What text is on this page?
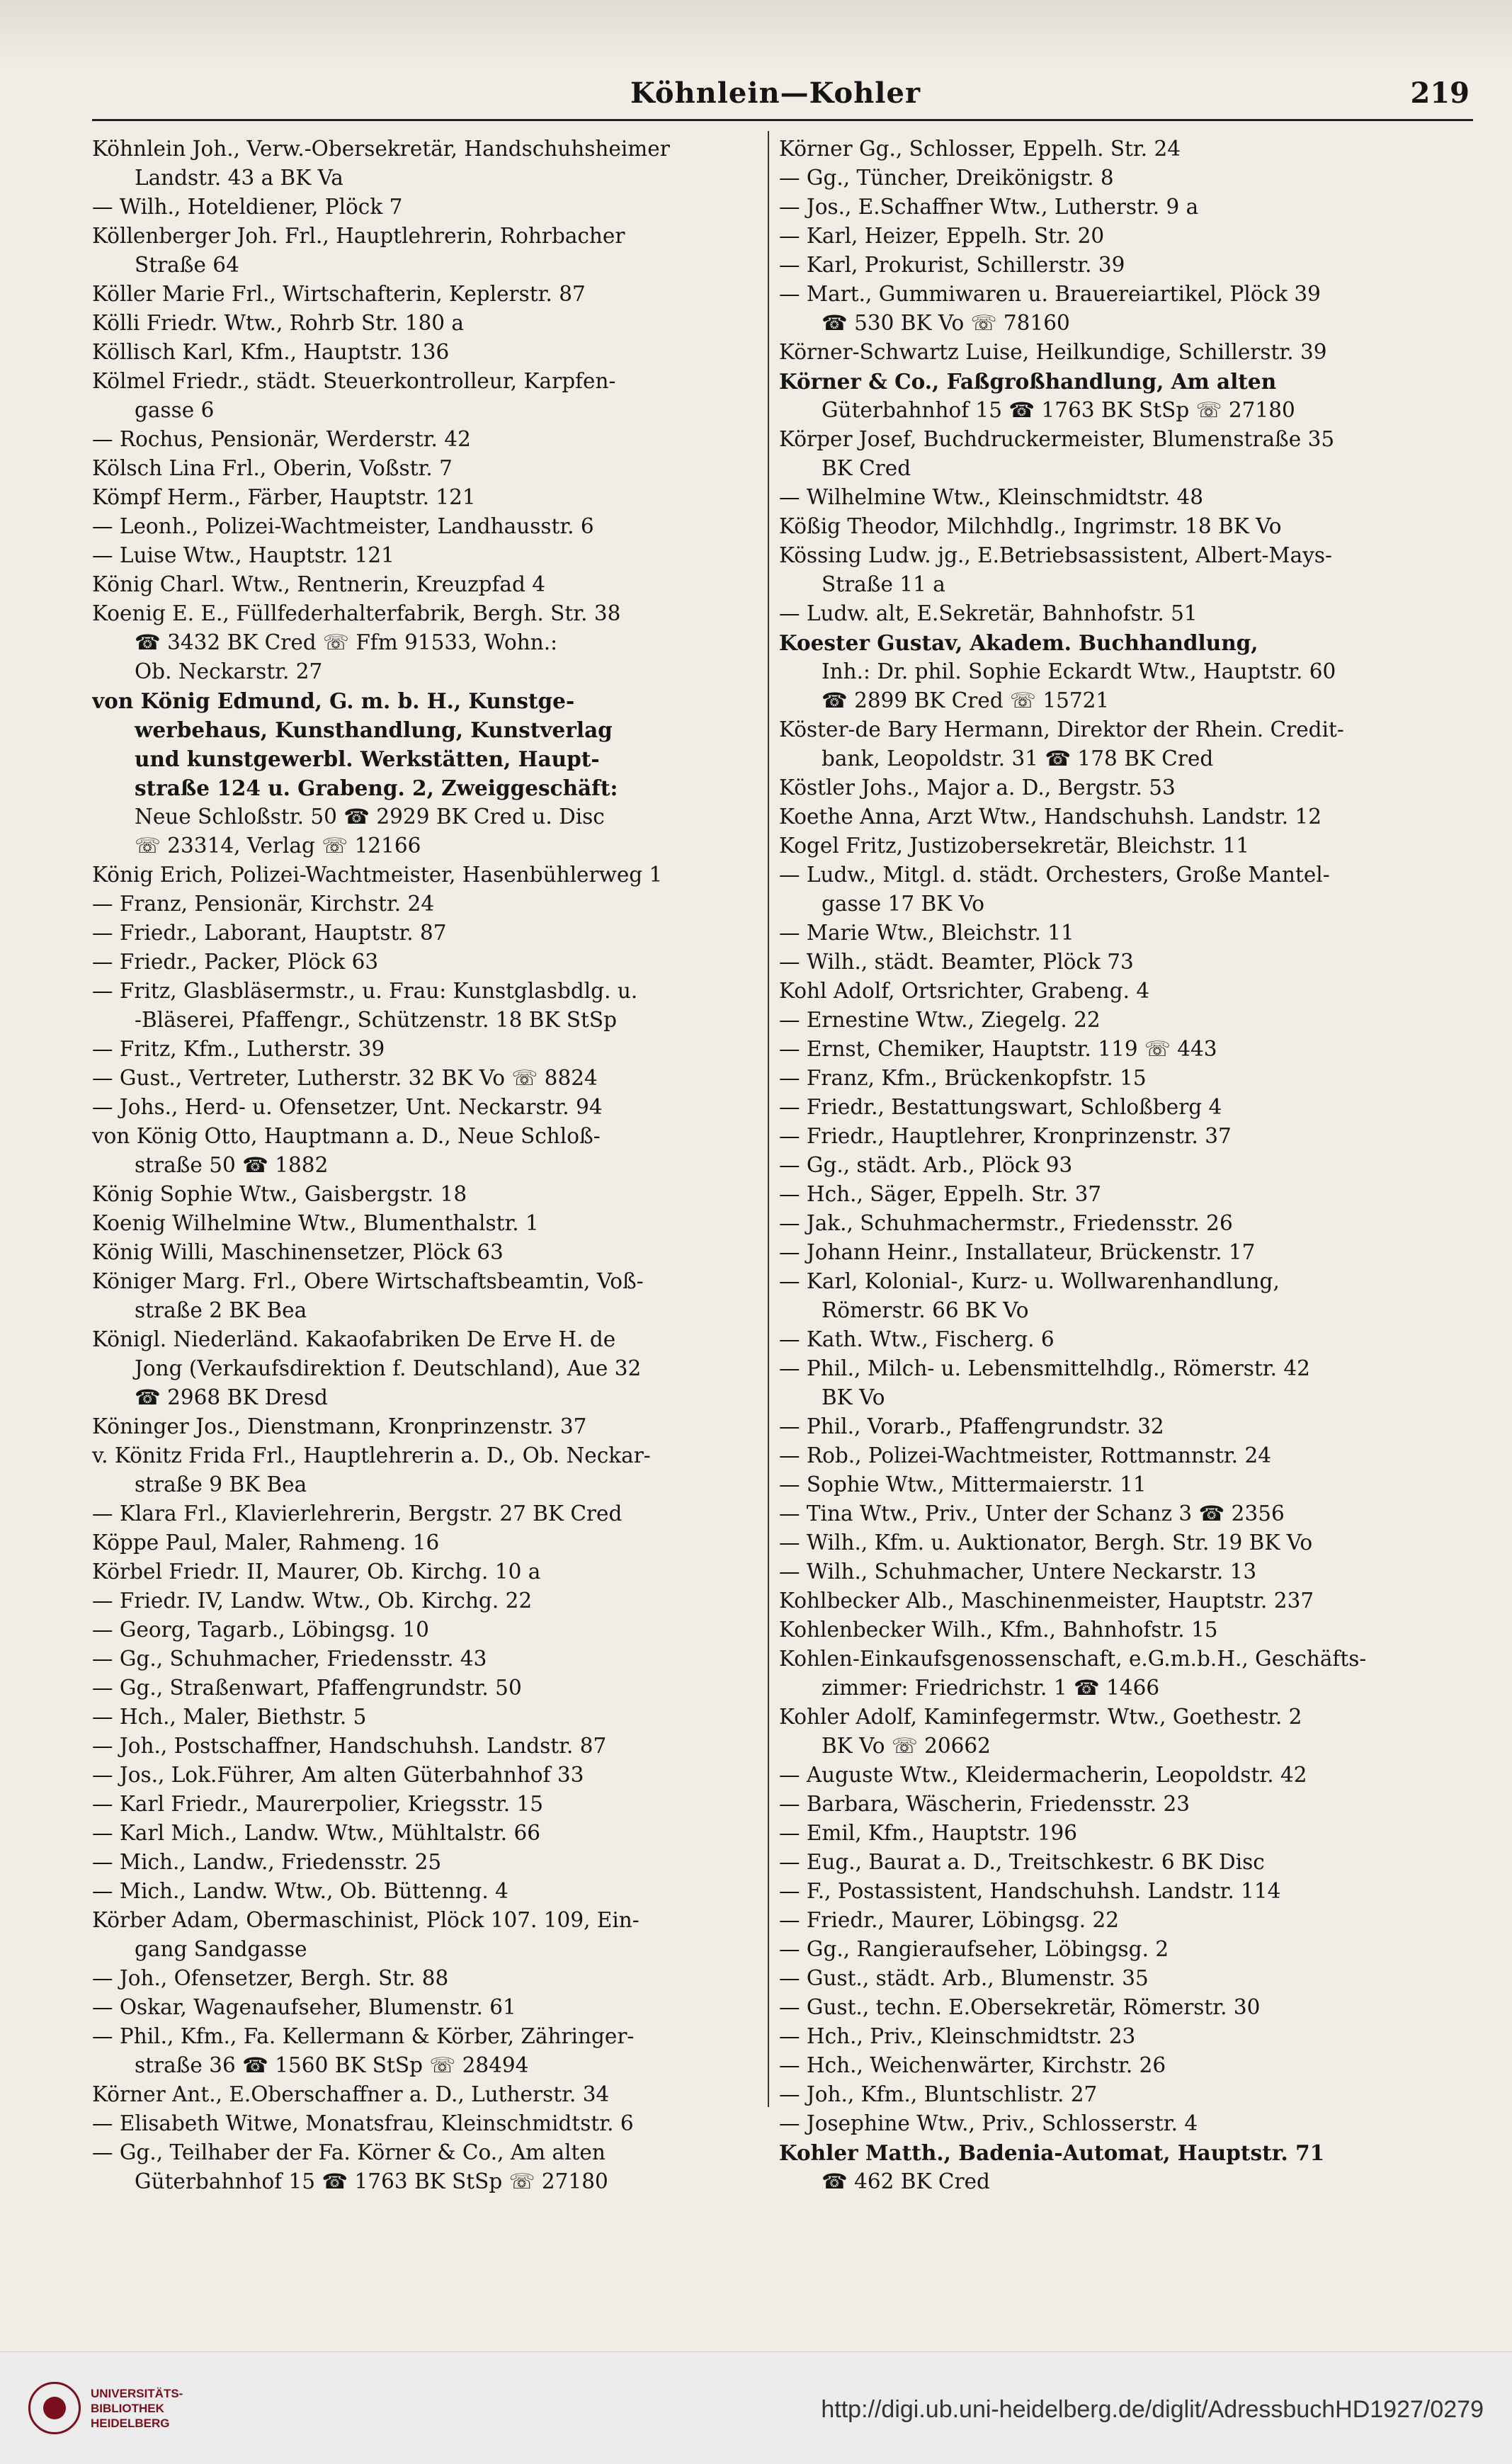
Köhnlein—Kohler	219
Köhnlein Joh., Verw.-Obersekretär, Handschuhsheimer
Landstr. 43 a BK Va
— Wilh., Hoteldiener, Plöck 7
Köllenberger Joh. Frl., Hauptlehrerin, Rohrbacher
Straße 64
Köller Marie Frl., Wirtschafterin, Keplerstr. 87
Kölli Friedr. Wtw., Rohrb Str. 180 a
Köllisch Karl, Kfm., Hauptstr. 136
Kölmel Friedr., städt. Steuerkontrolleur, Karpfen-
gasse 6
— Rochus, Pensionär, Werderstr. 42
Kölsch Lina Frl., Oberin, Voßstr. 7
Kömpf Herm., Färber, Hauptstr. 121
— Leonh., Polizei-Wachtmeister, Landhausstr. 6
— Luise Wtw., Hauptstr. 121
König Charl. Wtw., Rentnerin, Kreuzpfad 4
Koenig E. E., Füllfederhalterfabrik, Bergh. Str. 38
☎ 3432 BK Cred ☏ Ffm 91533, Wohn.:
Ob. Neckarstr. 27
von König Edmund, G. m. b. H., Kunstge-
werbehaus, Kunsthandlung, Kunstverlag
und kunstgewerbl. Werkstätten, Haupt-
straße 124 u. Grabeng. 2, Zweiggeschäft:
Neue Schloßstr. 50 ☎ 2929 BK Cred u. Disc
☏ 23314, Verlag ☏ 12166
König Erich, Polizei-Wachtmeister, Hasenbühlerweg 1
— Franz, Pensionär, Kirchstr. 24
— Friedr., Laborant, Hauptstr. 87
— Friedr., Packer, Plöck 63
— Fritz, Glasbläsermstr., u. Frau: Kunstglasbdlg. u.
-Bläserei, Pfaffengr., Schützenstr. 18 BK StSp
— Fritz, Kfm., Lutherstr. 39
— Gust., Vertreter, Lutherstr. 32 BK Vo ☏ 8824
— Johs., Herd- u. Ofensetzer, Unt. Neckarstr. 94
von König Otto, Hauptmann a. D., Neue Schloß-
straße 50 ☎ 1882
König Sophie Wtw., Gaisbergstr. 18
Koenig Wilhelmine Wtw., Blumenthalstr. 1
König Willi, Maschinensetzer, Plöck 63
Königer Marg. Frl., Obere Wirtschaftsbeamtin, Voß-
straße 2 BK Bea
Königl. Niederländ. Kakaofabriken De Erve H. de
Jong (Verkaufsdirektion f. Deutschland), Aue 32
☎ 2968 BK Dresd
Köninger Jos., Dienstmann, Kronprinzenstr. 37
v. Könitz Frida Frl., Hauptlehrerin a. D., Ob. Neckar-
straße 9 BK Bea
— Klara Frl., Klavierlehrerin, Bergstr. 27 BK Cred
Köppe Paul, Maler, Rahmeng. 16
Körbel Friedr. II, Maurer, Ob. Kirchg. 10 a
— Friedr. IV, Landw. Wtw., Ob. Kirchg. 22
— Georg, Tagarb., Löbingsg. 10
— Gg., Schuhmacher, Friedensstr. 43
— Gg., Straßenwart, Pfaffengrundstr. 50
— Hch., Maler, Biethstr. 5
— Joh., Postschaffner, Handschuhsh. Landstr. 87
— Jos., Lok.Führer, Am alten Güterbahnhof 33
— Karl Friedr., Maurerpolier, Kriegsstr. 15
— Karl Mich., Landw. Wtw., Mühltalstr. 66
— Mich., Landw., Friedensstr. 25
— Mich., Landw. Wtw., Ob. Büttenng. 4
Körber Adam, Obermaschinist, Plöck 107. 109, Ein-
gang Sandgasse
— Joh., Ofensetzer, Bergh. Str. 88
— Oskar, Wagenaufseher, Blumenstr. 61
— Phil., Kfm., Fa. Kellermann & Körber, Zähringer-
straße 36 ☎ 1560 BK StSp ☏ 28494
Körner Ant., E.Oberschaffner a. D., Lutherstr. 34
— Elisabeth Witwe, Monatsfrau, Kleinschmidtstr. 6
— Gg., Teilhaber der Fa. Körner & Co., Am alten
Güterbahnhof 15 ☎ 1763 BK StSp ☏ 27180
Körner Gg., Schlosser, Eppelh. Str. 24
— Gg., Tüncher, Dreikönigstr. 8
— Jos., E.Schaffner Wtw., Lutherstr. 9 a
— Karl, Heizer, Eppelh. Str. 20
— Karl, Prokurist, Schillerstr. 39
— Mart., Gummiwaren u. Brauereiartikel, Plöck 39
☎ 530 BK Vo ☏ 78160
Körner-Schwartz Luise, Heilkundige, Schillerstr. 39
Körner & Co., Faßgroßhandlung, Am alten
Güterbahnhof 15 ☎ 1763 BK StSp ☏ 27180
Körper Josef, Buchdruckermeister, Blumenstraße 35
BK Cred
— Wilhelmine Wtw., Kleinschmidtstr. 48
Kößig Theodor, Milchhdlg., Ingrimstr. 18 BK Vo
Kössing Ludw. jg., E.Betriebsassistent, Albert-Mays-
Straße 11 a
— Ludw. alt, E.Sekretär, Bahnhofstr. 51
Koester Gustav, Akadem. Buchhandlung,
Inh.: Dr. phil. Sophie Eckardt Wtw., Hauptstr. 60
☎ 2899 BK Cred ☏ 15721
Köster-de Bary Hermann, Direktor der Rhein. Credit-
bank, Leopoldstr. 31 ☎ 178 BK Cred
Köstler Johs., Major a. D., Bergstr. 53
Koethe Anna, Arzt Wtw., Handschuhsh. Landstr. 12
Kogel Fritz, Justizobersekretär, Bleichstr. 11
— Ludw., Mitgl. d. städt. Orchesters, Große Mantel-
gasse 17 BK Vo
— Marie Wtw., Bleichstr. 11
— Wilh., städt. Beamter, Plöck 73
Kohl Adolf, Ortsrichter, Grabeng. 4
— Ernestine Wtw., Ziegelg. 22
— Ernst, Chemiker, Hauptstr. 119 ☏ 443
— Franz, Kfm., Brückenkopfstr. 15
— Friedr., Bestattungswart, Schloßberg 4
— Friedr., Hauptlehrer, Kronprinzenstr. 37
— Gg., städt. Arb., Plöck 93
— Hch., Säger, Eppelh. Str. 37
— Jak., Schuhmachermstr., Friedensstr. 26
— Johann Heinr., Installateur, Brückenstr. 17
— Karl, Kolonial-, Kurz- u. Wollwarenhandlung,
Römerstr. 66 BK Vo
— Kath. Wtw., Fischerg. 6
— Phil., Milch- u. Lebensmittelhdlg., Römerstr. 42
BK Vo
— Phil., Vorarb., Pfaffengrundstr. 32
— Rob., Polizei-Wachtmeister, Rottmannstr. 24
— Sophie Wtw., Mittermaierstr. 11
— Tina Wtw., Priv., Unter der Schanz 3 ☎ 2356
— Wilh., Kfm. u. Auktionator, Bergh. Str. 19 BK Vo
— Wilh., Schuhmacher, Untere Neckarstr. 13
Kohlbecker Alb., Maschinenmeister, Hauptstr. 237
Kohlenbecker Wilh., Kfm., Bahnhofstr. 15
Kohlen-Einkaufsgenossenschaft, e.G.m.b.H., Geschäfts-
zimmer: Friedrichstr. 1 ☎ 1466
Kohler Adolf, Kaminfegermstr. Wtw., Goethestr. 2
BK Vo ☏ 20662
— Auguste Wtw., Kleidermacherin, Leopoldstr. 42
— Barbara, Wäscherin, Friedensstr. 23
— Emil, Kfm., Hauptstr. 196
— Eug., Baurat a. D., Treitschkestr. 6 BK Disc
— F., Postassistent, Handschuhsh. Landstr. 114
— Friedr., Maurer, Löbingsg. 22
— Gg., Rangieraufseher, Löbingsg. 2
— Gust., städt. Arb., Blumenstr. 35
— Gust., techn. E.Obersekretär, Römerstr. 30
— Hch., Priv., Kleinschmidtstr. 23
— Hch., Weichenwärter, Kirchstr. 26
— Joh., Kfm., Bluntschlistr. 27
— Josephine Wtw., Priv., Schlosserstr. 4
Kohler Matth., Badenia-Automat, Hauptstr. 71
☎ 462 BK Cred
UNIVERSITÄTS-
BIBLIOTHEK
HEIDELBERG
http://digi.ub.uni-heidelberg.de/diglit/AdressbuchHD1927/0279
